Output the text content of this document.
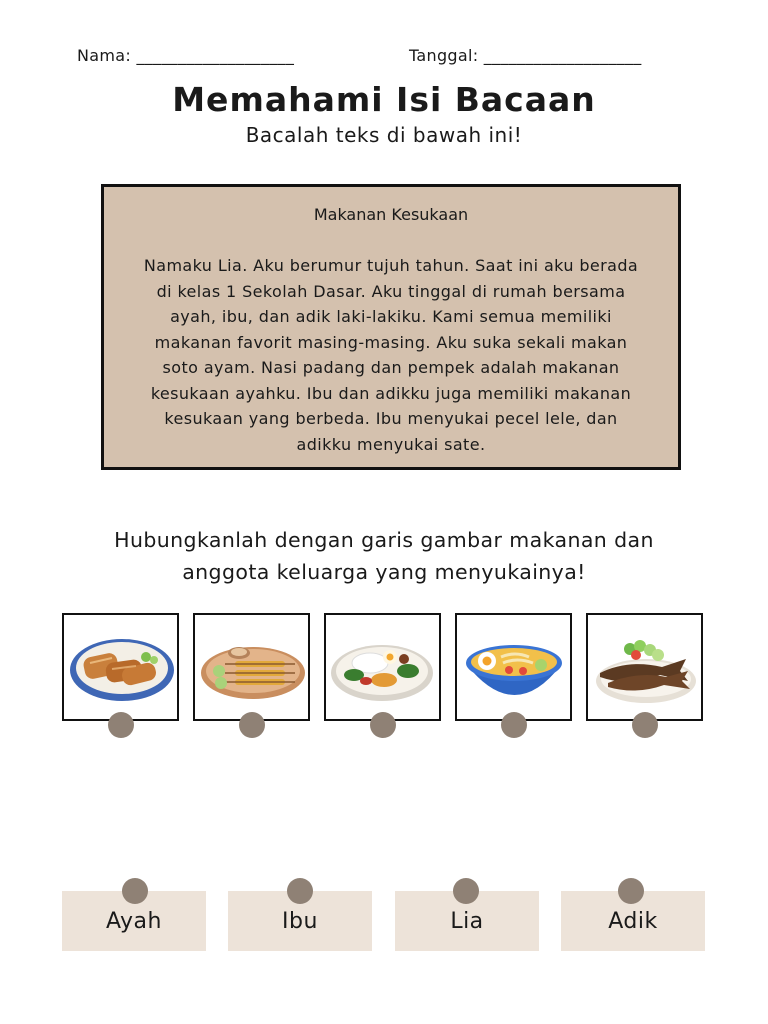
Nama: ___________________	Tanggal: ___________________
Memahami Isi Bacaan
Bacalah teks di bawah ini!
Makanan Kesukaan
Namaku Lia. Aku berumur tujuh tahun. Saat ini aku berada
di kelas 1 Sekolah Dasar. Aku tinggal di rumah bersama
ayah, ibu, dan adik laki-lakiku. Kami semua memiliki
makanan favorit masing-masing. Aku suka sekali makan
soto ayam. Nasi padang dan pempek adalah makanan
kesukaan ayahku. Ibu dan adikku juga memiliki makanan
kesukaan yang berbeda. Ibu menyukai pecel lele, dan
adikku menyukai sate.
Hubungkanlah dengan garis gambar makanan dan
anggota keluarga yang menyukainya!
Ayah	Ibu	Lia	Adik
